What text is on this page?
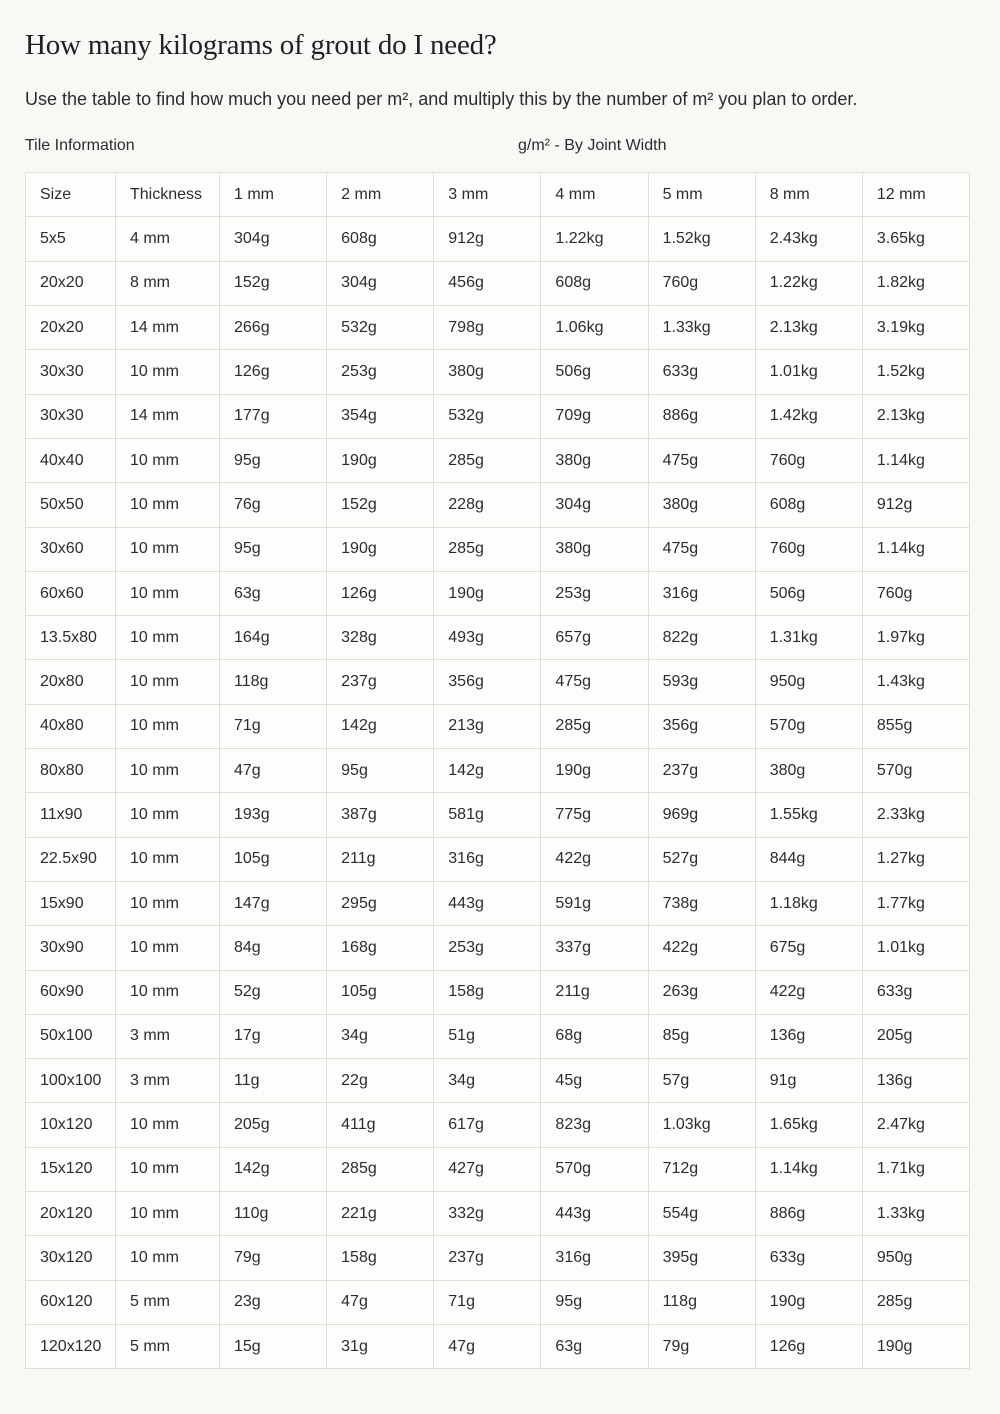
How many kilograms of grout do I need?

Use the table to find how much you need per m², and multiply this by the number of m² you plan to order.

Tile Information	g/m² - By Joint Width
Size	Thickness	1 mm	2 mm	3 mm	4 mm	5 mm	8 mm	12 mm
5x5	4 mm	304g	608g	912g	1.22kg	1.52kg	2.43kg	3.65kg
20x20	8 mm	152g	304g	456g	608g	760g	1.22kg	1.82kg
20x20	14 mm	266g	532g	798g	1.06kg	1.33kg	2.13kg	3.19kg
30x30	10 mm	126g	253g	380g	506g	633g	1.01kg	1.52kg
30x30	14 mm	177g	354g	532g	709g	886g	1.42kg	2.13kg
40x40	10 mm	95g	190g	285g	380g	475g	760g	1.14kg
50x50	10 mm	76g	152g	228g	304g	380g	608g	912g
30x60	10 mm	95g	190g	285g	380g	475g	760g	1.14kg
60x60	10 mm	63g	126g	190g	253g	316g	506g	760g
13.5x80	10 mm	164g	328g	493g	657g	822g	1.31kg	1.97kg
20x80	10 mm	118g	237g	356g	475g	593g	950g	1.43kg
40x80	10 mm	71g	142g	213g	285g	356g	570g	855g
80x80	10 mm	47g	95g	142g	190g	237g	380g	570g
11x90	10 mm	193g	387g	581g	775g	969g	1.55kg	2.33kg
22.5x90	10 mm	105g	211g	316g	422g	527g	844g	1.27kg
15x90	10 mm	147g	295g	443g	591g	738g	1.18kg	1.77kg
30x90	10 mm	84g	168g	253g	337g	422g	675g	1.01kg
60x90	10 mm	52g	105g	158g	211g	263g	422g	633g
50x100	3 mm	17g	34g	51g	68g	85g	136g	205g
100x100	3 mm	11g	22g	34g	45g	57g	91g	136g
10x120	10 mm	205g	411g	617g	823g	1.03kg	1.65kg	2.47kg
15x120	10 mm	142g	285g	427g	570g	712g	1.14kg	1.71kg
20x120	10 mm	110g	221g	332g	443g	554g	886g	1.33kg
30x120	10 mm	79g	158g	237g	316g	395g	633g	950g
60x120	5 mm	23g	47g	71g	95g	118g	190g	285g
120x120	5 mm	15g	31g	47g	63g	79g	126g	190g
